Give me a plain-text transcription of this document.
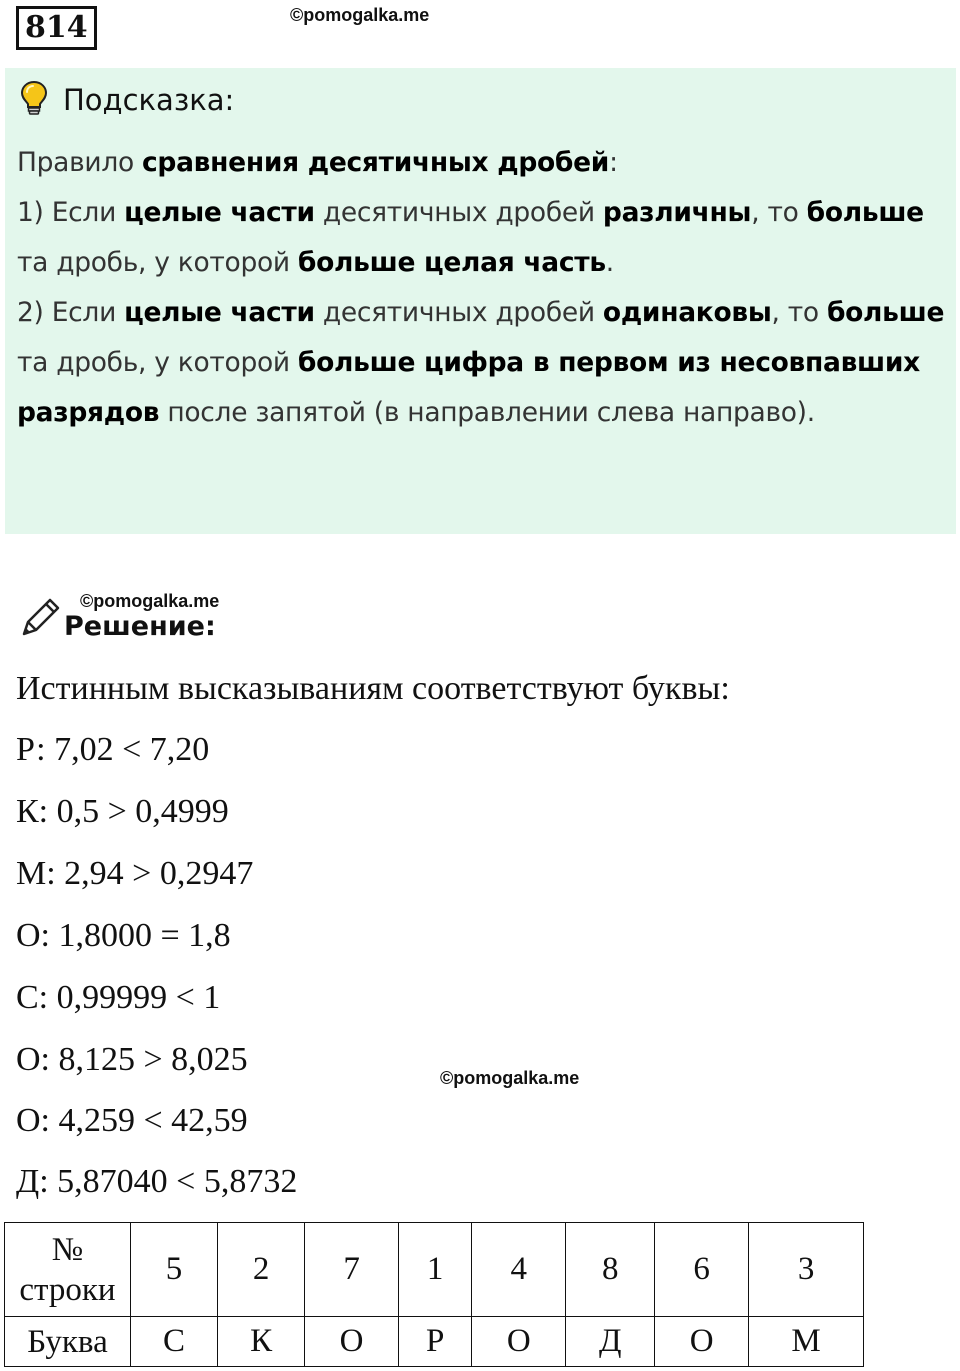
814	©pomogalka.me
Подсказка:

Правило сравнения десятичных дробей:

1) Если целые части десятичных дробей различны, то больше та дробь, у которой больше целая часть.

2) Если целые части десятичных дробей одинаковы, то больше та дробь, у которой больше цифра в первом из несовпавших разрядов после запятой (в направлении слева направо).

©pomogalka.me
Решение:
Истинным высказываниям соответствуют буквы:
Р: 7,02 < 7,20
К: 0,5 > 0,4999
М: 2,94 > 0,2947
О: 1,8000 = 1,8
С: 0,99999 < 1
О: 8,125 > 8,025
О: 4,259 < 42,59
Д: 5,87040 < 5,8732
©pomogalka.me
№
строки	5	2	7	1	4	8	6	3
Буква	С	К	О	Р	О	Д	О	М
